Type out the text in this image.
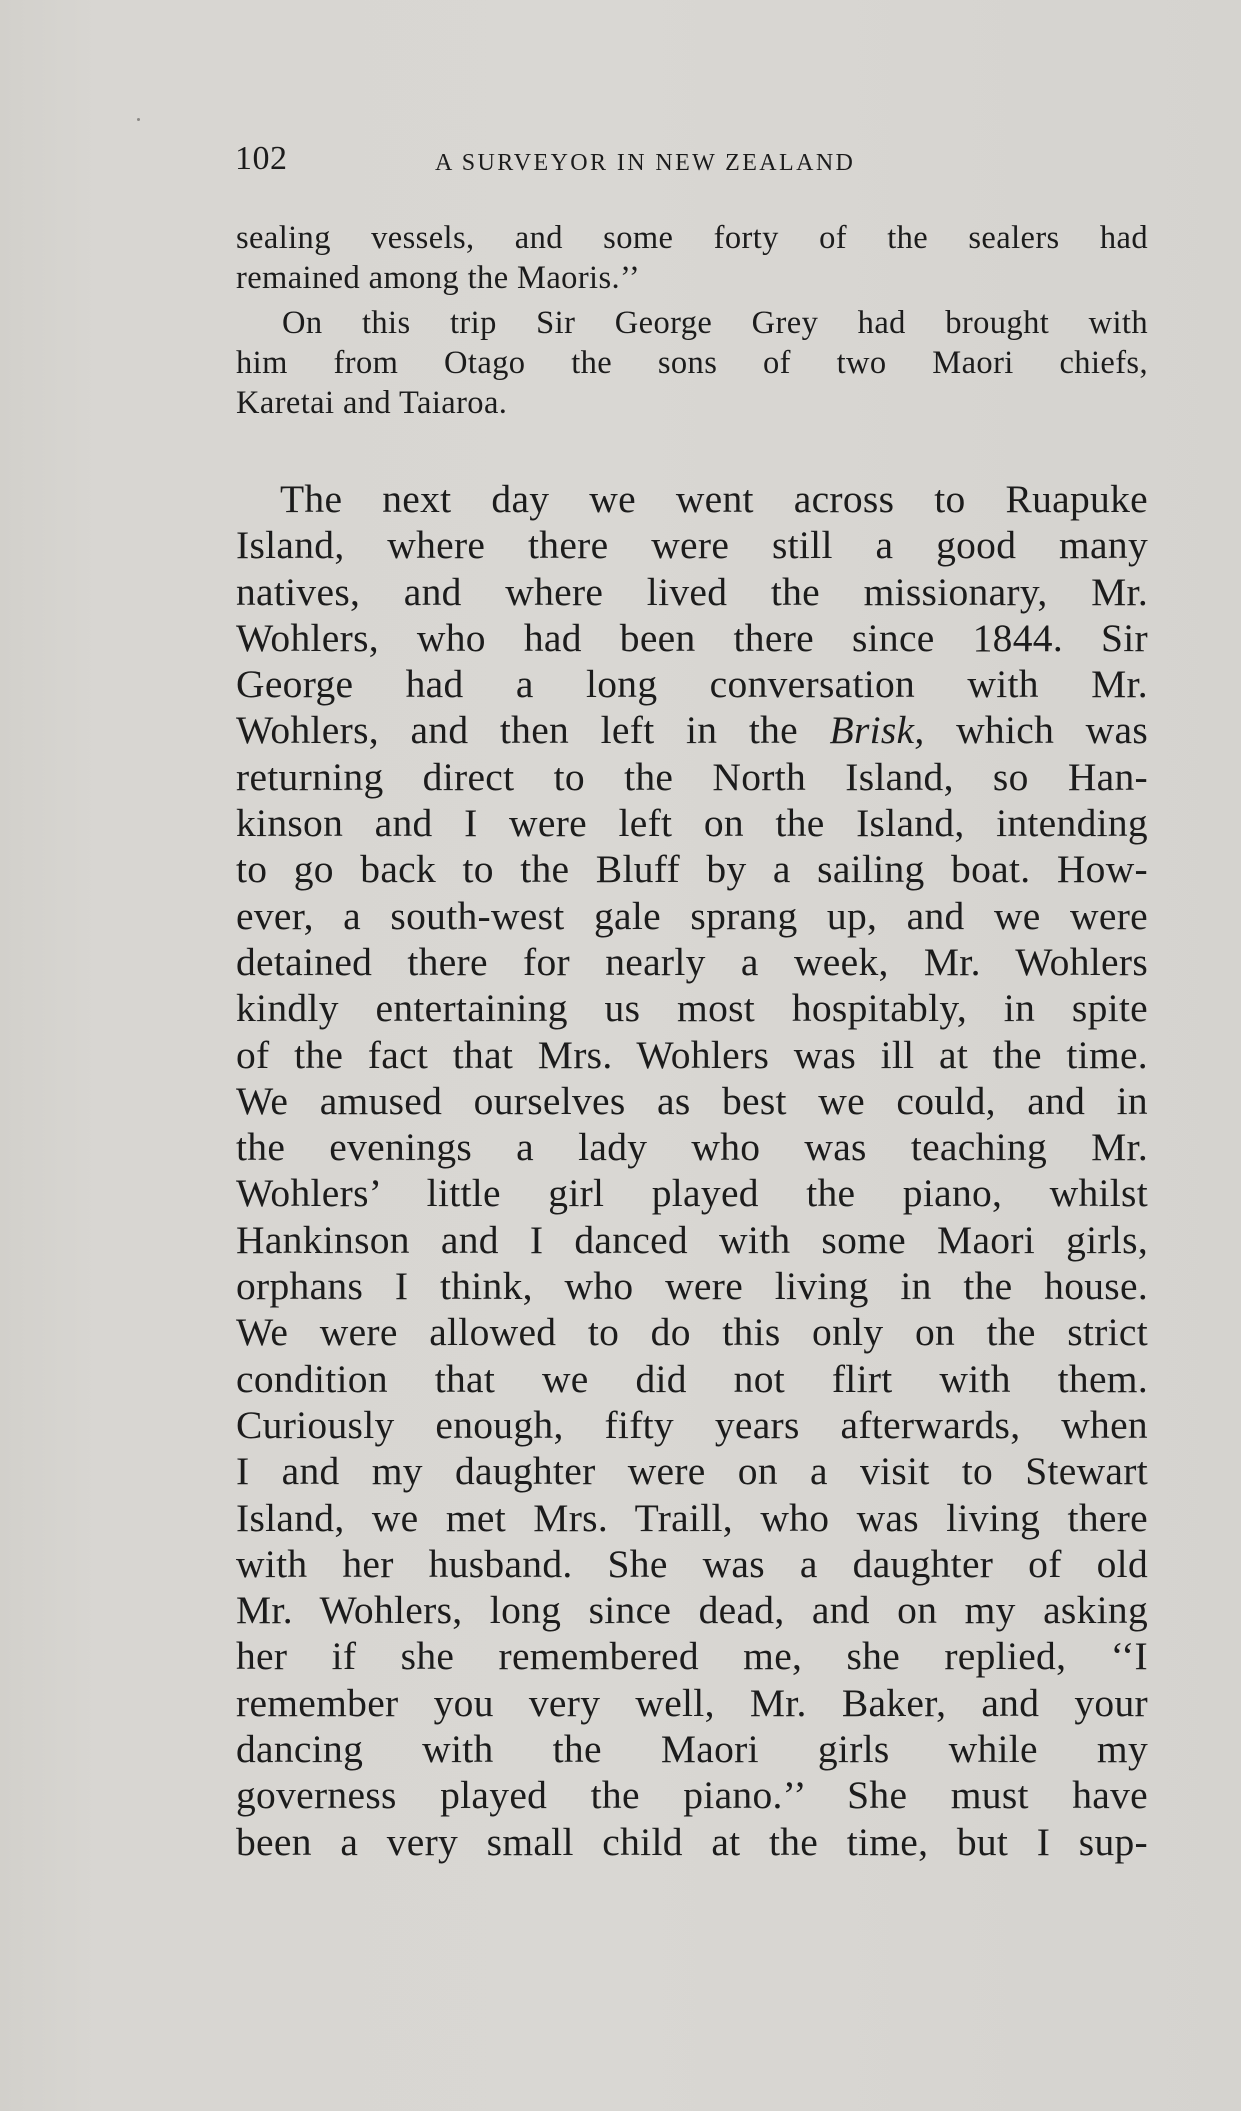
102	A SURVEYOR IN NEW ZEALAND
sealing vessels, and some forty of the sealers had
remained among the Maoris.’’
On this trip Sir George Grey had brought with
him from Otago the sons of two Maori chiefs,
Karetai and Taiaroa.
The next day we went across to Ruapuke
Island, where there were still a good many
natives, and where lived the missionary, Mr.
Wohlers, who had been there since 1844. Sir
George had a long conversation with Mr.
Wohlers, and then left in the Brisk, which was
returning direct to the North Island, so Han-
kinson and I were left on the Island, intending
to go back to the Bluff by a sailing boat. How-
ever, a south-west gale sprang up, and we were
detained there for nearly a week, Mr. Wohlers
kindly entertaining us most hospitably, in spite
of the fact that Mrs. Wohlers was ill at the time.
We amused ourselves as best we could, and in
the evenings a lady who was teaching Mr.
Wohlers’ little girl played the piano, whilst
Hankinson and I danced with some Maori girls,
orphans I think, who were living in the house.
We were allowed to do this only on the strict
condition that we did not flirt with them.
Curiously enough, fifty years afterwards, when
I and my daughter were on a visit to Stewart
Island, we met Mrs. Traill, who was living there
with her husband. She was a daughter of old
Mr. Wohlers, long since dead, and on my asking
her if she remembered me, she replied, ‘‘I
remember you very well, Mr. Baker, and your
dancing with the Maori girls while my
governess played the piano.’’ She must have
been a very small child at the time, but I sup-
